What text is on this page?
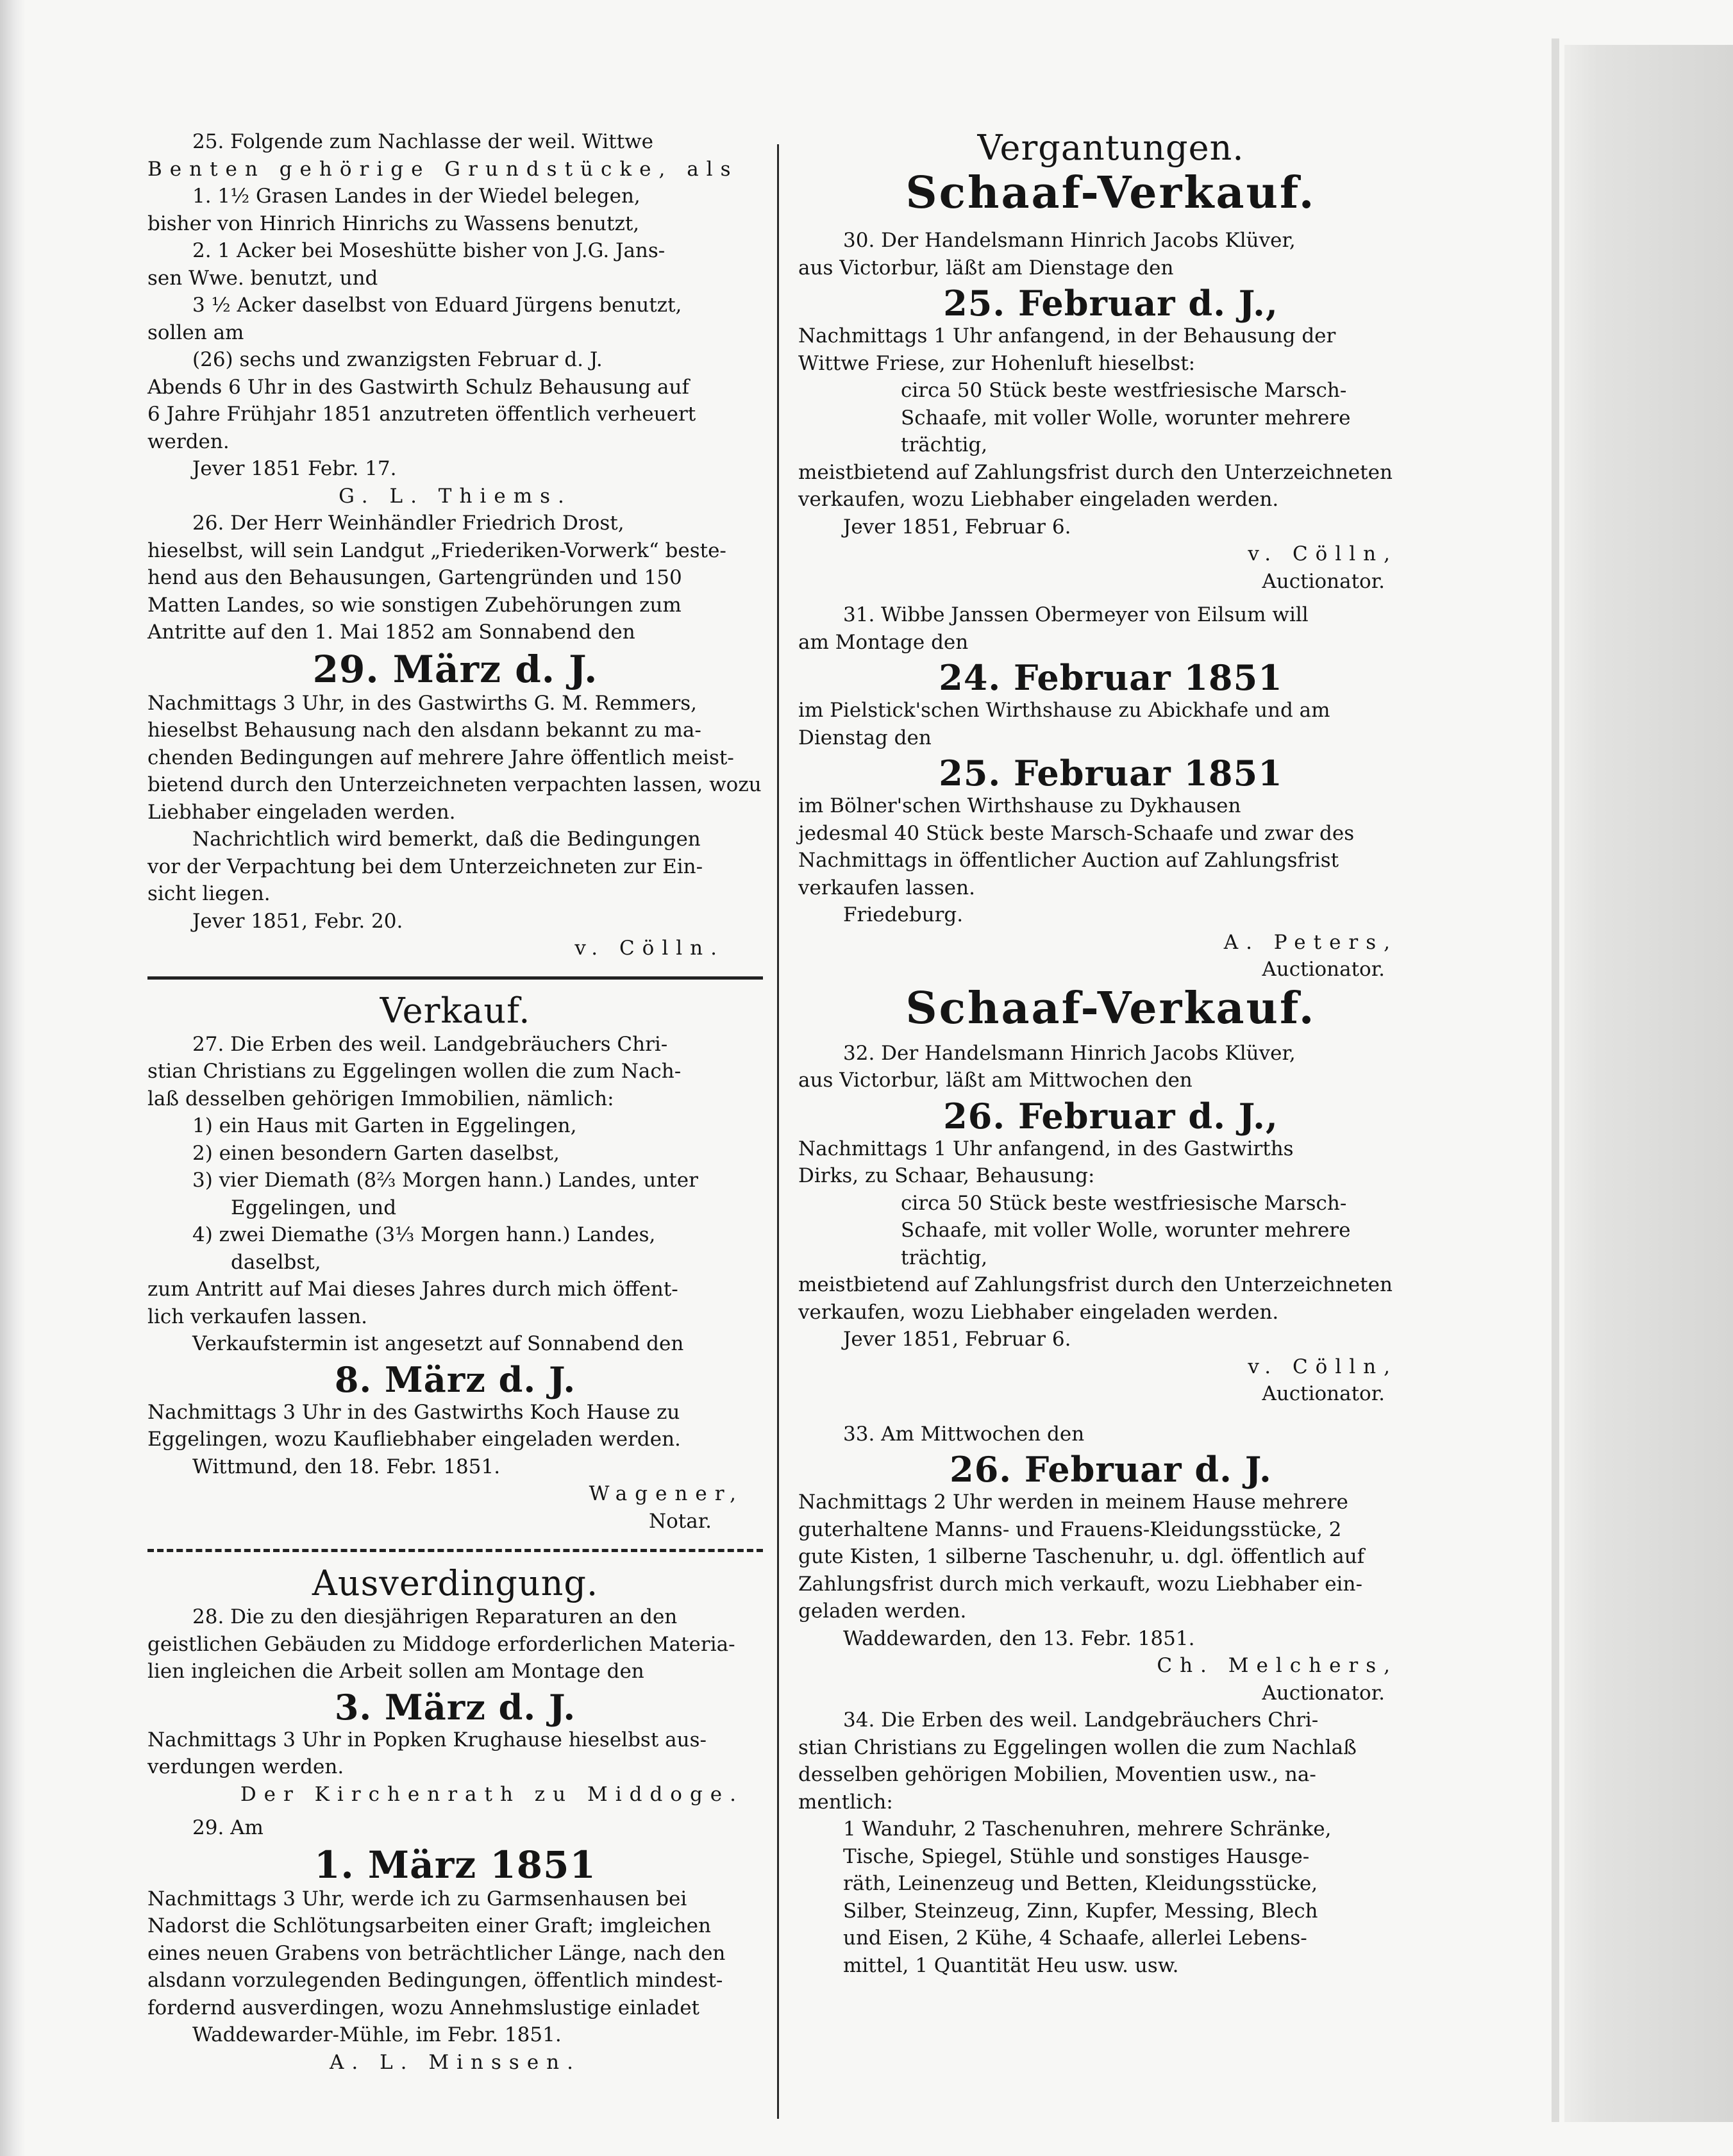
25. Folgende zum Nachlasse der weil. Wittwe

Benten gehörige Grundstücke, als

1. 1½ Grasen Landes in der Wiedel belegen,

bisher von Hinrich Hinrichs zu Wassens benutzt,

2. 1 Acker bei Moseshütte bisher von J.G. Jans-

sen Wwe. benutzt, und

3 ½ Acker daselbst von Eduard Jürgens benutzt,

sollen am

(26) sechs und zwanzigsten Februar d. J.

Abends 6 Uhr in des Gastwirth Schulz Behausung auf

6 Jahre Frühjahr 1851 anzutreten öffentlich verheuert

werden.

Jever 1851 Febr. 17.

G. L. Thiems.

26. Der Herr Weinhändler Friedrich Drost,

hieselbst, will sein Landgut „Friederiken-Vorwerk“ beste-

hend aus den Behausungen, Gartengründen und 150

Matten Landes, so wie sonstigen Zubehörungen zum

Antritte auf den 1. Mai 1852 am Sonnabend den

29. März d. J.

Nachmittags 3 Uhr, in des Gastwirths G. M. Remmers,

hieselbst Behausung nach den alsdann bekannt zu ma-

chenden Bedingungen auf mehrere Jahre öffentlich meist-

bietend durch den Unterzeichneten verpachten lassen, wozu

Liebhaber eingeladen werden.

Nachrichtlich wird bemerkt, daß die Bedingungen

vor der Verpachtung bei dem Unterzeichneten zur Ein-

sicht liegen.

Jever 1851, Febr. 20.

v. Cölln.

Verkauf.

27. Die Erben des weil. Landgebräuchers Chri-

stian Christians zu Eggelingen wollen die zum Nach-

laß desselben gehörigen Immobilien, nämlich:

1) ein Haus mit Garten in Eggelingen,

2) einen besondern Garten daselbst,

3) vier Diemath (8⅔ Morgen hann.) Landes, unter

Eggelingen, und

4) zwei Diemathe (3⅓ Morgen hann.) Landes,

daselbst,

zum Antritt auf Mai dieses Jahres durch mich öffent-

lich verkaufen lassen.

Verkaufstermin ist angesetzt auf Sonnabend den

8. März d. J.

Nachmittags 3 Uhr in des Gastwirths Koch Hause zu

Eggelingen, wozu Kaufliebhaber eingeladen werden.

Wittmund, den 18. Febr. 1851.

Wagener,

Notar.

Ausverdingung.

28. Die zu den diesjährigen Reparaturen an den

geistlichen Gebäuden zu Middoge erforderlichen Materia-

lien ingleichen die Arbeit sollen am Montage den

3. März d. J.

Nachmittags 3 Uhr in Popken Krughause hieselbst aus-

verdungen werden.

Der Kirchenrath zu Middoge.

29. Am

1. März 1851

Nachmittags 3 Uhr, werde ich zu Garmsenhausen bei

Nadorst die Schlötungsarbeiten einer Graft; imgleichen

eines neuen Grabens von beträchtlicher Länge, nach den

alsdann vorzulegenden Bedingungen, öffentlich mindest-

fordernd ausverdingen, wozu Annehmslustige einladet

Waddewarder-Mühle, im Febr. 1851.

A. L. Minssen.

Vergantungen.

Schaaf-Verkauf.

30. Der Handelsmann Hinrich Jacobs Klüver,

aus Victorbur, läßt am Dienstage den

25. Februar d. J.,

Nachmittags 1 Uhr anfangend, in der Behausung der

Wittwe Friese, zur Hohenluft hieselbst:

circa 50 Stück beste westfriesische Marsch-

Schaafe, mit voller Wolle, worunter mehrere

trächtig,

meistbietend auf Zahlungsfrist durch den Unterzeichneten

verkaufen, wozu Liebhaber eingeladen werden.

Jever 1851, Februar 6.

v. Cölln,

Auctionator.

31. Wibbe Janssen Obermeyer von Eilsum will

am Montage den

24. Februar 1851

im Pielstick'schen Wirthshause zu Abickhafe und am

Dienstag den

25. Februar 1851

im Bölner'schen Wirthshause zu Dykhausen

jedesmal 40 Stück beste Marsch-Schaafe und zwar des

Nachmittags in öffentlicher Auction auf Zahlungsfrist

verkaufen lassen.

Friedeburg.

A. Peters,

Auctionator.

Schaaf-Verkauf.

32. Der Handelsmann Hinrich Jacobs Klüver,

aus Victorbur, läßt am Mittwochen den

26. Februar d. J.,

Nachmittags 1 Uhr anfangend, in des Gastwirths

Dirks, zu Schaar, Behausung:

circa 50 Stück beste westfriesische Marsch-

Schaafe, mit voller Wolle, worunter mehrere

trächtig,

meistbietend auf Zahlungsfrist durch den Unterzeichneten

verkaufen, wozu Liebhaber eingeladen werden.

Jever 1851, Februar 6.

v. Cölln,

Auctionator.

33. Am Mittwochen den

26. Februar d. J.

Nachmittags 2 Uhr werden in meinem Hause mehrere

guterhaltene Manns- und Frauens-Kleidungsstücke, 2

gute Kisten, 1 silberne Taschenuhr, u. dgl. öffentlich auf

Zahlungsfrist durch mich verkauft, wozu Liebhaber ein-

geladen werden.

Waddewarden, den 13. Febr. 1851.

Ch. Melchers,

Auctionator.

34. Die Erben des weil. Landgebräuchers Chri-

stian Christians zu Eggelingen wollen die zum Nachlaß

desselben gehörigen Mobilien, Moventien usw., na-

mentlich:

1 Wanduhr, 2 Taschenuhren, mehrere Schränke,

Tische, Spiegel, Stühle und sonstiges Hausge-

räth, Leinenzeug und Betten, Kleidungsstücke,

Silber, Steinzeug, Zinn, Kupfer, Messing, Blech

und Eisen, 2 Kühe, 4 Schaafe, allerlei Lebens-

mittel, 1 Quantität Heu usw. usw.
